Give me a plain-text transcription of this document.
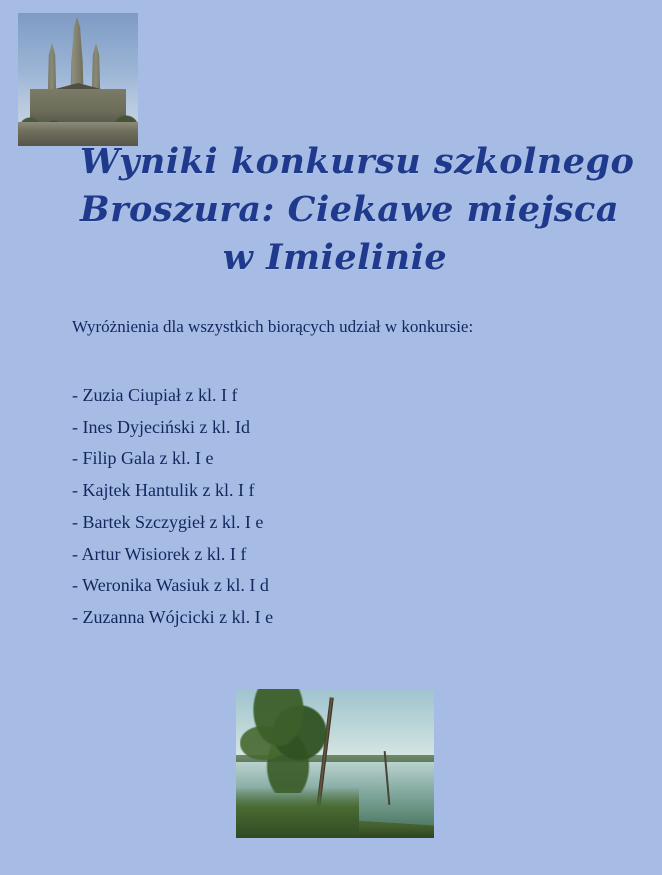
Wyniki konkursu szkolnego
Broszura: Ciekawe miejsca
w Imielinie
Wyróżnienia dla wszystkich biorących udział w konkursie:
- Zuzia Ciupiał z kl. I f
- Ines Dyjeciński z kl. Id
- Filip Gala z kl. I e
- Kajtek Hantulik z kl. I f
- Bartek Szczygieł z kl. I e
- Artur Wisiorek z kl. I f
- Weronika Wasiuk z kl. I d
- Zuzanna Wójcicki z kl. I e
